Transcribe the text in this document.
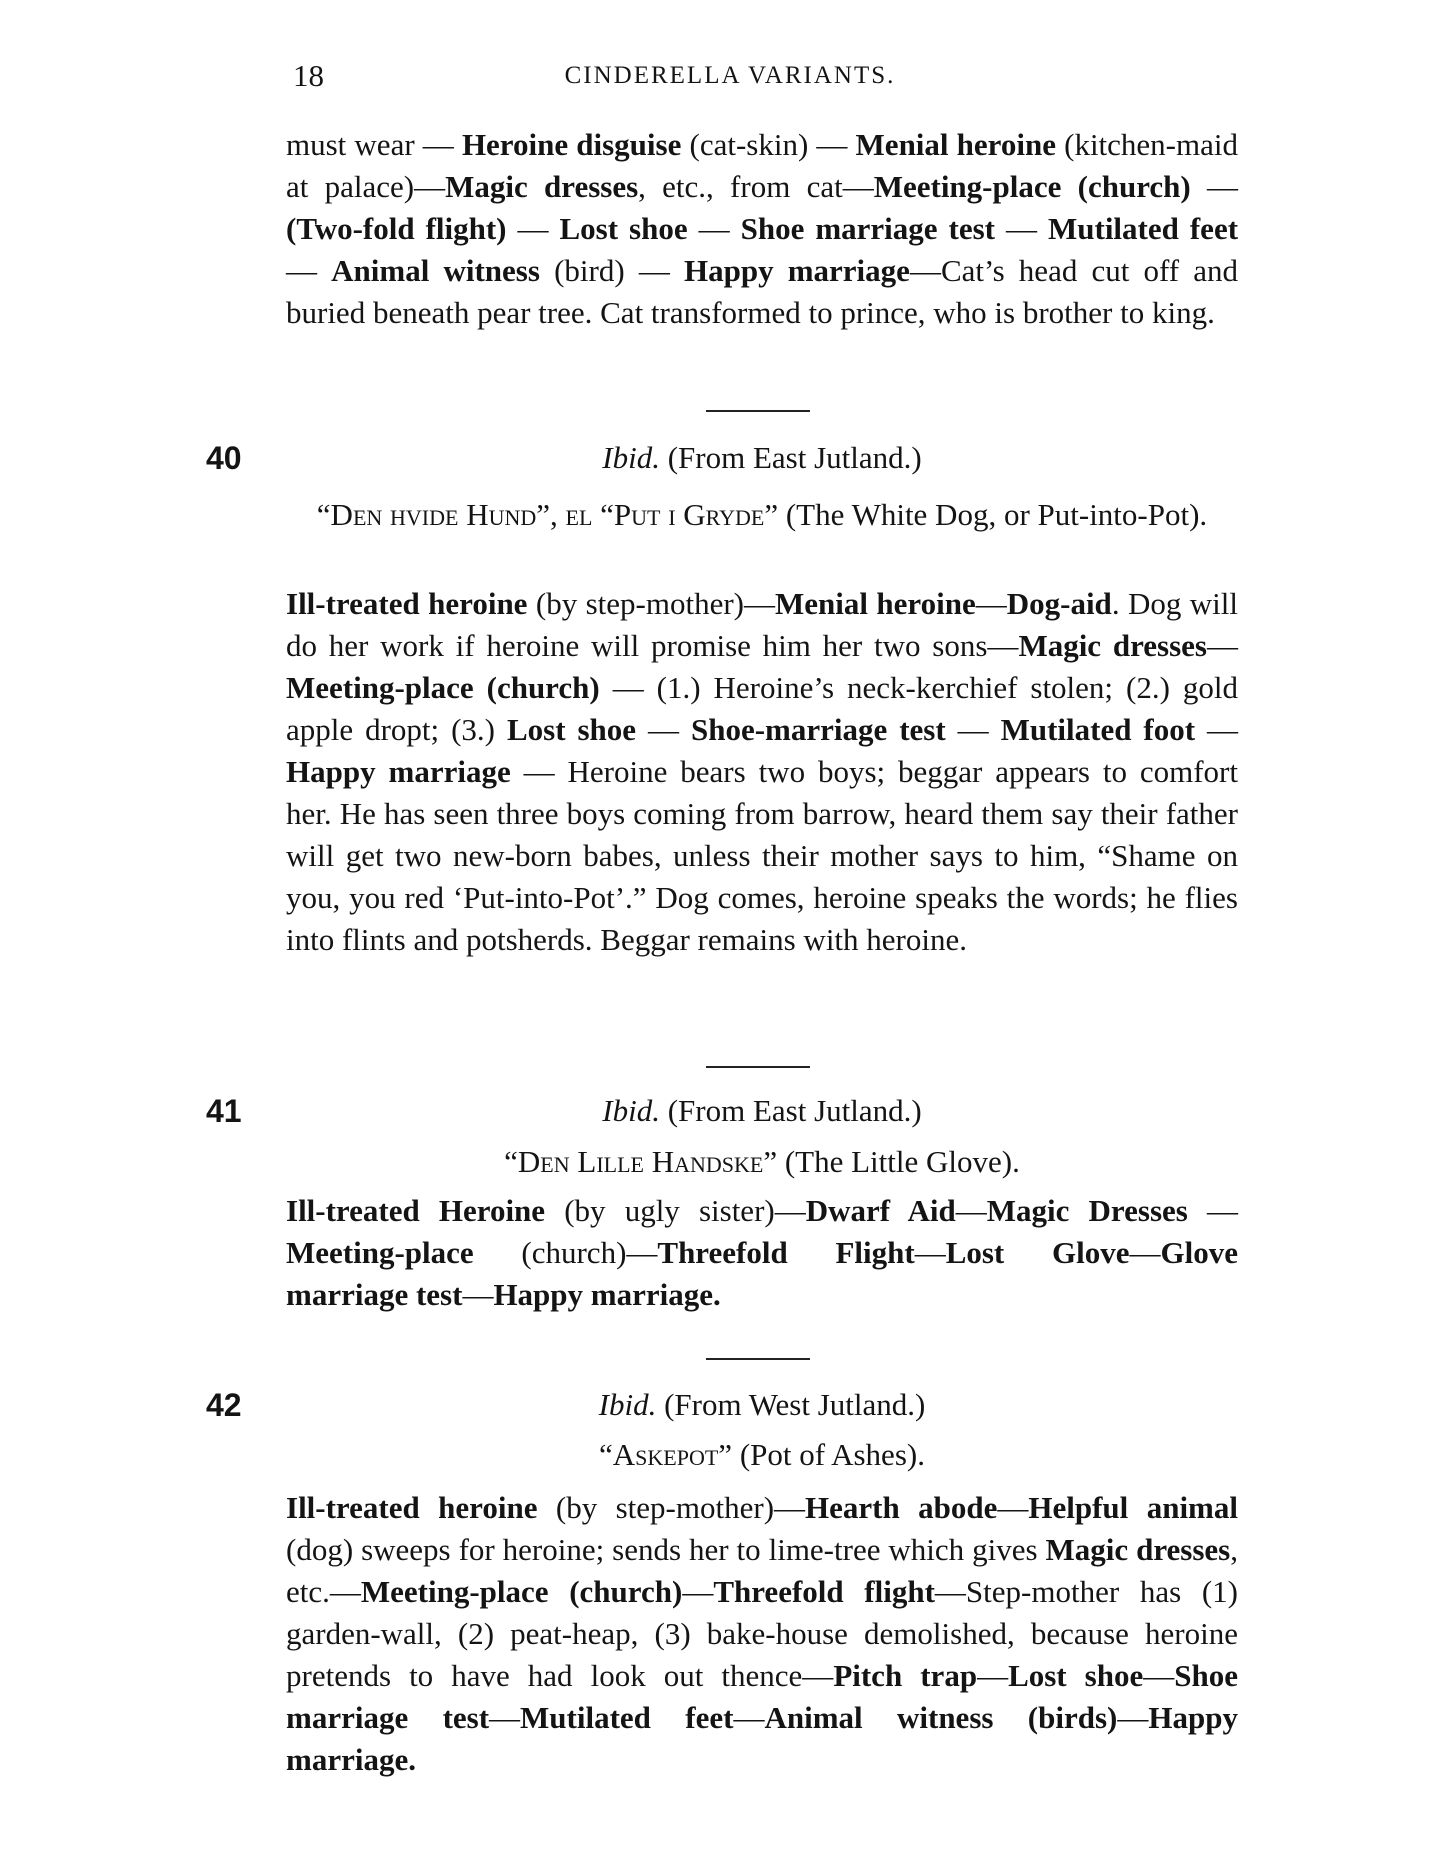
18	CINDERELLA VARIANTS.

must wear — Heroine disguise (cat-skin) — Menial heroine (kitchen-maid at palace)—Magic dresses, etc., from cat—Meeting-place (church) — (Two-fold flight) — Lost shoe — Shoe marriage test — Mutilated feet — Animal witness (bird) — Happy marriage—Cat’s head cut off and buried beneath pear tree. Cat transformed to prince, who is brother to king.

40	Ibid. (From East Jutland.)
“Den hvide Hund”, el “Put i Gryde” (The White Dog, or Put-into-Pot).

Ill-treated heroine (by step-mother)—Menial heroine—Dog-aid. Dog will do her work if heroine will promise him her two sons—Magic dresses—Meeting-place (church) — (1.) Heroine’s neck-kerchief stolen; (2.) gold apple dropt; (3.) Lost shoe — Shoe-marriage test — Mutilated foot — Happy marriage — Heroine bears two boys; beggar appears to comfort her. He has seen three boys coming from barrow, heard them say their father will get two new-born babes, unless their mother says to him, “Shame on you, you red ‘Put-into-Pot’.” Dog comes, heroine speaks the words; he flies into flints and potsherds. Beggar remains with heroine.

41	Ibid. (From East Jutland.)
“Den Lille Handske” (The Little Glove).

Ill-treated Heroine (by ugly sister)—Dwarf Aid—Magic Dresses —Meeting-place (church)—Threefold Flight—Lost Glove—Glove marriage test—Happy marriage.

42	Ibid. (From West Jutland.)
“Askepot” (Pot of Ashes).

Ill-treated heroine (by step-mother)—Hearth abode—Helpful animal (dog) sweeps for heroine; sends her to lime-tree which gives Magic dresses, etc.—Meeting-place (church)—Threefold flight—Step-mother has (1) garden-wall, (2) peat-heap, (3) bake-house demolished, because heroine pretends to have had look out thence—Pitch trap—Lost shoe—Shoe marriage test—Mutilated feet—Animal witness (birds)—Happy marriage.
